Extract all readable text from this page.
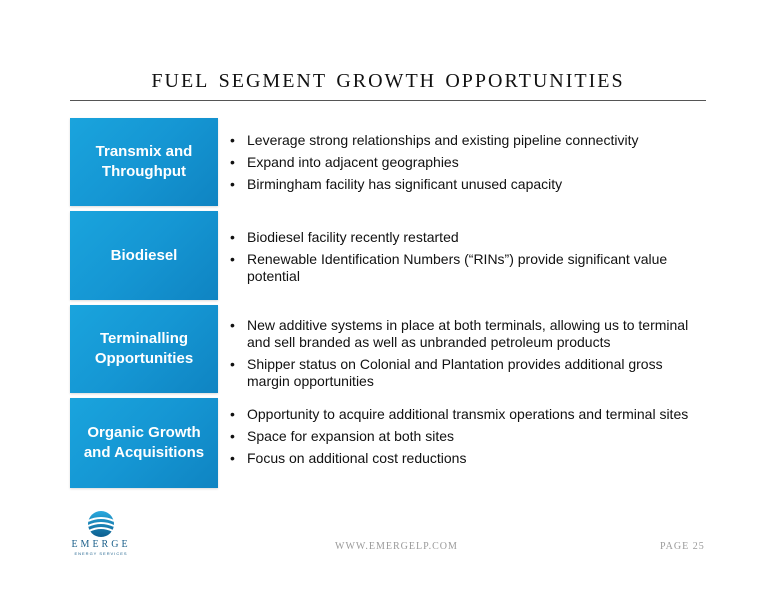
fuel segment growth opportunities
Transmix and
Throughput
• Leverage strong relationships and existing pipeline connectivity
• Expand into adjacent geographies
• Birmingham facility has significant unused capacity
Biodiesel
• Biodiesel facility recently restarted
• Renewable Identification Numbers (“RINs”) provide significant value potential
Terminalling
Opportunities
• New additive systems in place at both terminals, allowing us to terminal and sell branded as well as unbranded petroleum products
• Shipper status on Colonial and Plantation provides additional gross margin opportunities
Organic Growth
and Acquisitions
• Opportunity to acquire additional transmix operations and terminal sites
• Space for expansion at both sites
• Focus on additional cost reductions
EMERGE
ENERGY SERVICES
WWW.EMERGELP.COM	PAGE 25
